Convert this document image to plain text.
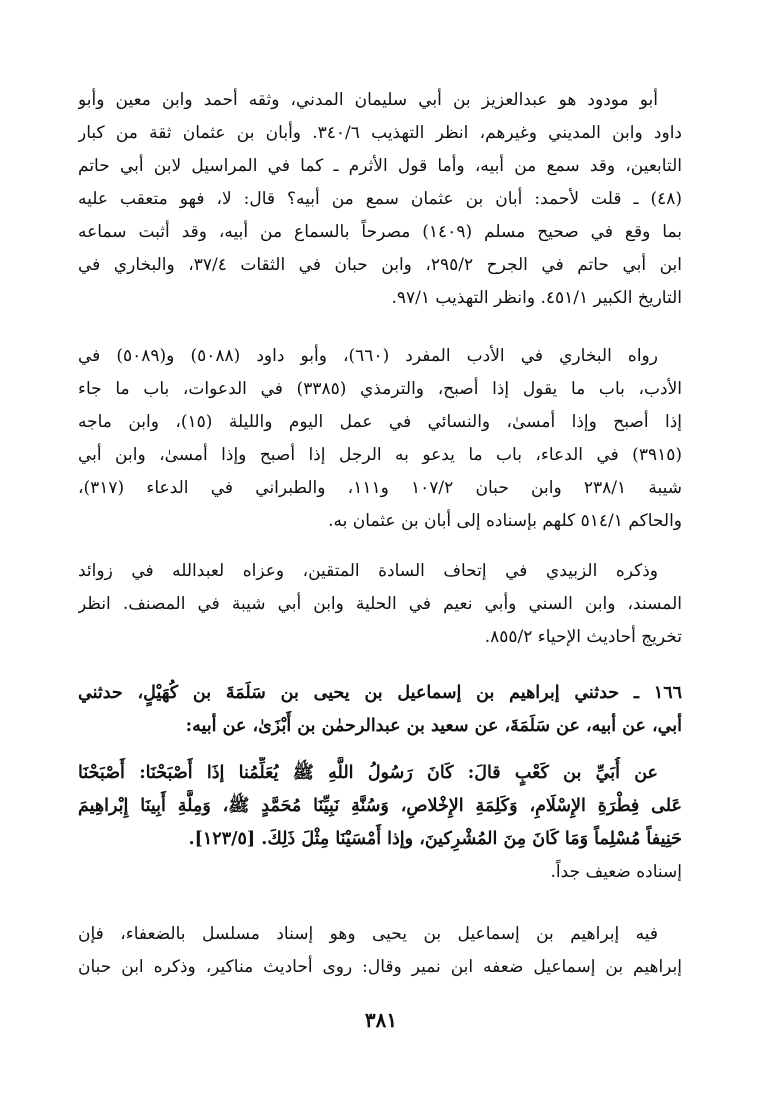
أبو مودود هو عبدالعزيز بن أبي سليمان المدني، وثقه أحمد وابن معين وأبو
داود وابن المديني وغيرهم، انظر التهذيب ٣٤٠/٦. وأبان بن عثمان ثقة من كبار
التابعين، وقد سمع من أبيه، وأما قول الأثرم ـ كما في المراسيل لابن أبي حاتم
(٤٨) ـ قلت لأحمد: أبان بن عثمان سمع من أبيه؟ قال: لا، فهو متعقب عليه
بما وقع في صحيح مسلم (١٤٠٩) مصرحاً بالسماع من أبيه، وقد أثبت سماعه
ابن أبي حاتم في الجرح ٢٩٥/٢، وابن حبان في الثقات ٣٧/٤، والبخاري في
التاريخ الكبير ٤٥١/١. وانظر التهذيب ٩٧/١.
رواه البخاري في الأدب المفرد (٦٦٠)، وأبو داود (٥٠٨٨) و(٥٠٨٩) في
الأدب، باب ما يقول إذا أصبح، والترمذي (٣٣٨٥) في الدعوات، باب ما جاء
إذا أصبح وإذا أمسىٰ، والنسائي في عمل اليوم والليلة (١٥)، وابن ماجه
(٣٩١٥) في الدعاء، باب ما يدعو به الرجل إذا أصبح وإذا أمسىٰ، وابن أبي
شيبة ٢٣٨/١ وابن حبان ١٠٧/٢ و١١١، والطبراني في الدعاء (٣١٧)،
والحاكم ٥١٤/١ كلهم بإسناده إلى أبان بن عثمان به.
وذكره الزبيدي في إتحاف السادة المتقين، وعزاه لعبدالله في زوائد
المسند، وابن السني وأبي نعيم في الحلية وابن أبي شيبة في المصنف. انظر
تخريج أحاديث الإحياء ٨٥٥/٢.
١٦٦ ـ حدثني إبراهيم بن إسماعيل بن يحيى بن سَلَمَةَ بن كُهَيْلٍ، حدثني
أبي، عن أبيه، عن سَلَمَةَ، عن سعيد بن عبدالرحمٰن بن أَبْزَىٰ، عن أبيه:
عن أُبَيِّ بن كَعْبٍ قالَ: كَانَ رَسُولُ اللَّهِ ﷺ يُعَلِّمُنا إذَا أَصْبَحْنَا: أَصْبَحْنَا
عَلى فِطْرَةِ الإِسْلَامِ، وَكَلِمَةِ الإِخْلاصِ، وَسُنَّةِ نَبِيِّنَا مُحَمَّدٍ ﷺ، وَمِلَّةِ أَبِينَا إِبْراهِيمَ
حَنِيفاً مُسْلِماً وَمَا كَانَ مِنَ المُشْرِكينَ، وإذا أَمْسَيْنَا مِثْلَ ذَلِكَ. [١٢٣/٥].
إسناده ضعيف جداً.
فيه إبراهيم بن إسماعيل بن يحيى وهو إسناد مسلسل بالضعفاء، فإن
إبراهيم بن إسماعيل ضعفه ابن نمير وقال: روى أحاديث مناكير، وذكره ابن حبان
٣٨١
